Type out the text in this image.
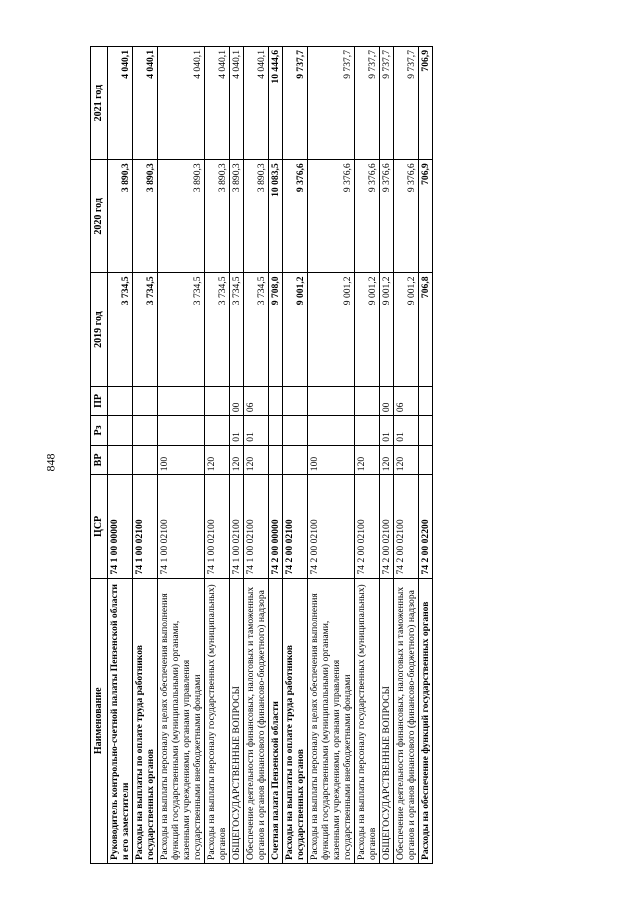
848
Наименование	ЦСР	ВР	Рз	ПР	2019 год	2020 год	2021 год
Руководитель контрольно-счетной палаты Пензенской области и его заместители	74 1 00 00000				3 734,5	3 890,3	4 040,1
Расходы на выплаты по оплате труда работников государственных органов	74 1 00 02100				3 734,5	3 890,3	4 040,1
Расходы на выплаты персоналу в целях обеспечения выполнения функций государственными (муниципальными) органами, казенными учреждениями, органами управления государственными внебюджетными фондами	74 1 00 02100	100			3 734,5	3 890,3	4 040,1
Расходы на выплаты персоналу государственных (муниципальных) органов	74 1 00 02100	120			3 734,5	3 890,3	4 040,1
ОБЩЕГОСУДАРСТВЕННЫЕ ВОПРОСЫ	74 1 00 02100	120	01	00	3 734,5	3 890,3	4 040,1
Обеспечение деятельности финансовых, налоговых и таможенных органов и органов финансового (финансово-бюджетного) надзора	74 1 00 02100	120	01	06	3 734,5	3 890,3	4 040,1
Счетная палата Пензенской области	74 2 00 00000				9 708,0	10 083,5	10 444,6
Расходы на выплаты по оплате труда работников государственных органов	74 2 00 02100				9 001,2	9 376,6	9 737,7
Расходы на выплаты персоналу в целях обеспечения выполнения функций государственными (муниципальными) органами, казенными учреждениями, органами управления государственными внебюджетными фондами	74 2 00 02100	100			9 001,2	9 376,6	9 737,7
Расходы на выплаты персоналу государственных (муниципальных) органов	74 2 00 02100	120			9 001,2	9 376,6	9 737,7
ОБЩЕГОСУДАРСТВЕННЫЕ ВОПРОСЫ	74 2 00 02100	120	01	00	9 001,2	9 376,6	9 737,7
Обеспечение деятельности финансовых, налоговых и таможенных органов и органов финансового (финансово-бюджетного) надзора	74 2 00 02100	120	01	06	9 001,2	9 376,6	9 737,7
Расходы на обеспечение функций государственных органов	74 2 00 02200				706,8	706,9	706,9
